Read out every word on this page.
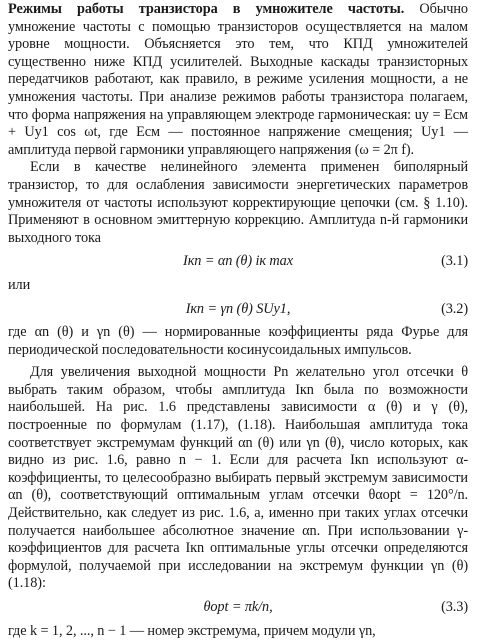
Режимы работы транзистора в умножителе частоты. Обычно умножение частоты с помощью транзисторов осуществляется на малом уровне мощности. Объясняется это тем, что КПД умножителей существенно ниже КПД усилителей. Выходные каскады транзисторных передатчиков работают, как правило, в режиме усиления мощности, а не умножения частоты. При анализе режимов работы транзистора полагаем, что форма напряжения на управляющем электроде гармоническая: uy = Eсм + Uy1 cos ωt, где Eсм — постоянное напряжение смещения; Uy1 — амплитуда первой гармоники управляющего напряжения (ω = 2π f).

Если в качестве нелинейного элемента применен биполярный транзистор, то для ослабления зависимости энергетических параметров умножителя от частоты используют корректирующие цепочки (см. § 1.10). Применяют в основном эмиттерную коррекцию. Амплитуда n-й гармоники выходного тока

Iкn = αn (θ) iк max	(3.1)

или

Iкn = γn (θ) SUy1,	(3.2)

где αn (θ) и γn (θ) — нормированные коэффициенты ряда Фурье для периодической последовательности косинусоидальных импульсов.

Для увеличения выходной мощности Pn желательно угол отсечки θ выбрать таким образом, чтобы амплитуда Iкn была по возможности наибольшей. На рис. 1.6 представлены зависимости α (θ) и γ (θ), построенные по формулам (1.17), (1.18). Наибольшая амплитуда тока соответствует экстремумам функций αn (θ) или γn (θ), число которых, как видно из рис. 1.6, равно n − 1. Если для расчета Iкn используют α-коэффициенты, то целесообразно выбирать первый экстремум зависимости αn (θ), соответствующий оптимальным углам отсечки θαopt = 120°/n. Действительно, как следует из рис. 1.6, а, именно при таких углах отсечки получается наибольшее абсолютное значение αn. При использовании γ-коэффициентов для расчета Iкn оптимальные углы отсечки определяются формулой, получаемой при исследовании на экстремум функции γn (θ) (1.18):

θopt = πk/n,	(3.3)

где k = 1, 2, ..., n − 1 — номер экстремума, причем модули γn,
